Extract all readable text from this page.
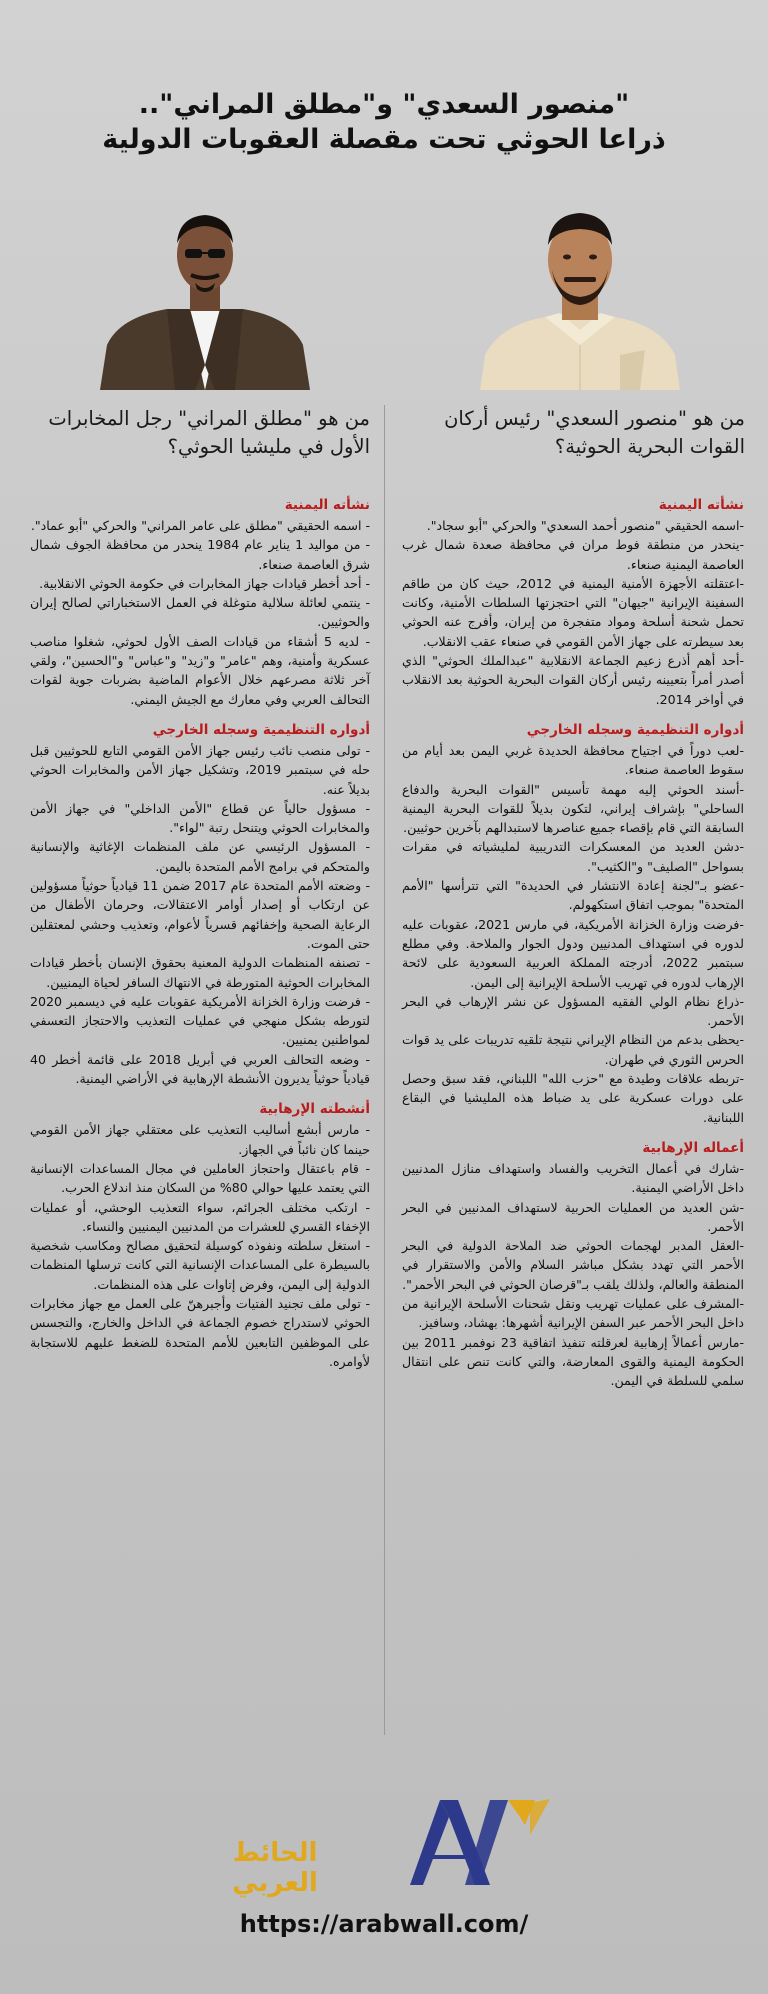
"منصور السعدي" و"مطلق المراني"..
ذراعا الحوثي تحت مقصلة العقوبات الدولية
من هو "منصور السعدي" رئيس أركان القوات البحرية الحوثية؟
من هو "مطلق المراني" رجل المخابرات الأول في مليشيا الحوثي؟
نشأته اليمنية
-اسمه الحقيقي "منصور أحمد السعدي" والحركي "أبو سجاد".
-ينحدر من منطقة فوط مران في محافظة صعدة شمال غرب العاصمة اليمنية صنعاء.
-اعتقلته الأجهزة الأمنية اليمنية في 2012، حيث كان من طاقم السفينة الإيرانية "جيهان" التي احتجزتها السلطات الأمنية، وكانت تحمل شحنة أسلحة ومواد متفجرة من إيران، وأفرج عنه الحوثي بعد سيطرته على جهاز الأمن القومي في صنعاء عقب الانقلاب.
-أحد أهم أذرع زعيم الجماعة الانقلابية "عبدالملك الحوثي" الذي أصدر أمراً بتعيينه رئيس أركان القوات البحرية الحوثية بعد الانقلاب في أواخر 2014.
أدواره التنظيمية وسجله الخارجي
-لعب دوراً في اجتياح محافظة الحديدة غربي اليمن بعد أيام من سقوط العاصمة صنعاء.
-أسند الحوثي إليه مهمة تأسيس "القوات البحرية والدفاع الساحلي" بإشراف إيراني، لتكون بديلاً للقوات البحرية اليمنية السابقة التي قام بإقصاء جميع عناصرها لاستبدالهم بآخرين حوثيين.
-دشن العديد من المعسكرات التدريبية لمليشياته في مقرات بسواحل "الصليف" و"الكثيب".
-عضو بـ"لجنة إعادة الانتشار في الحديدة" التي تترأسها "الأمم المتحدة" بموجب اتفاق استكهولم.
-فرضت وزارة الخزانة الأمريكية، في مارس 2021، عقوبات عليه لدوره في استهداف المدنيين ودول الجوار والملاحة. وفي مطلع سبتمبر 2022، أدرجته المملكة العربية السعودية على لائحة الإرهاب لدوره في تهريب الأسلحة الإيرانية إلى اليمن.
-ذراع نظام الولي الفقيه المسؤول عن نشر الإرهاب في البحر الأحمر.
-يحظى بدعم من النظام الإيراني نتيجة تلقيه تدريبات على يد قوات الحرس الثوري في طهران.
-تربطه علاقات وطيدة مع "حزب الله" اللبناني، فقد سبق وحصل على دورات عسكرية على يد ضباط هذه المليشيا في البقاع اللبنانية.
أعماله الإرهابية
-شارك في أعمال التخريب والفساد واستهداف منازل المدنيين داخل الأراضي اليمنية.
-شن العديد من العمليات الحربية لاستهداف المدنيين في البحر الأحمر.
-العقل المدبر لهجمات الحوثي ضد الملاحة الدولية في البحر الأحمر التي تهدد بشكل مباشر السلام والأمن والاستقرار في المنطقة والعالم، ولذلك يلقب بـ"قرصان الحوثي في البحر الأحمر".
-المشرف على عمليات تهريب ونقل شحنات الأسلحة الإيرانية من داخل البحر الأحمر عبر السفن الإيرانية أشهرها: بهشاد، وسافيز.
-مارس أعمالاً إرهابية لعرقلته تنفيذ اتفاقية 23 نوفمبر 2011 بين الحكومة اليمنية والقوى المعارضة، والتي كانت تنص على انتقال سلمي للسلطة في اليمن.
نشأته اليمنية
- اسمه الحقيقي "مطلق على عامر المراني" والحركي "أبو عماد".
- من مواليد 1 يناير عام 1984 ينحدر من محافظة الجوف شمال شرق العاصمة صنعاء.
- أحد أخطر قيادات جهاز المخابرات في حكومة الحوثي الانقلابية.
- ينتمي لعائلة سلالية متوغلة في العمل الاستخباراتي لصالح إيران والحوثيين.
- لديه 5 أشقاء من قيادات الصف الأول لحوثي، شغلوا مناصب عسكرية وأمنية، وهم "عامر" و"زيد" و"عباس" و"الحسين"، ولقي آخر ثلاثة مصرعهم خلال الأعوام الماضية بضربات جوية لقوات التحالف العربي وفي معارك مع الجيش اليمني.
أدواره التنظيمية وسجله الخارجي
- تولى منصب نائب رئيس جهاز الأمن القومي التابع للحوثيين قبل حله في سبتمبر 2019، وتشكيل جهاز الأمن والمخابرات الحوثي بديلاً عنه.
- مسؤول حالياً عن قطاع "الأمن الداخلي" في جهاز الأمن والمخابرات الحوثي ويتنحل رتبة "لواء".
- المسؤول الرئيسي عن ملف المنظمات الإغاثية والإنسانية والمتحكم في برامج الأمم المتحدة باليمن.
- وضعته الأمم المتحدة عام 2017 ضمن 11 قيادياً حوثياً مسؤولين عن ارتكاب أو إصدار أوامر الاعتقالات، وحرمان الأطفال من الرعاية الصحية وإخفائهم قسرياً لأعوام، وتعذيب وحشي لمعتقلين حتى الموت.
- تصنفه المنظمات الدولية المعنية بحقوق الإنسان بأخطر قيادات المخابرات الحوثية المتورطة في الانتهاك السافر لحياة اليمنيين.
- فرضت وزارة الخزانة الأمريكية عقوبات عليه في ديسمبر 2020 لتورطه بشكل منهجي في عمليات التعذيب والاحتجاز التعسفي لمواطنين يمنيين.
- وضعه التحالف العربي في أبريل 2018 على قائمة أخطر 40 قيادياً حوثياً يديرون الأنشطة الإرهابية في الأراضي اليمنية.
أنشطته الإرهابية
- مارس أبشع أساليب التعذيب على معتقلي جهاز الأمن القومي حينما كان نائباً في الجهاز.
- قام باعتقال واحتجاز العاملين في مجال المساعدات الإنسانية التي يعتمد عليها حوالي 80% من السكان منذ اندلاع الحرب.
- ارتكب مختلف الجرائم، سواء التعذيب الوحشي، أو عمليات الإخفاء القسري للعشرات من المدنيين اليمنيين والنساء.
- استغل سلطته ونفوذه كوسيلة لتحقيق مصالح ومكاسب شخصية بالسيطرة على المساعدات الإنسانية التي كانت ترسلها المنظمات الدولية إلى اليمن، وفرض إتاوات على هذه المنظمات.
- تولى ملف تجنيد الفتيات وأجبرهنّ على العمل مع جهاز مخابرات الحوثي لاستدراج خصوم الجماعة في الداخل والخارج، والتجسس على الموظفين التابعين للأمم المتحدة للضغط عليهم للاستجابة لأوامره.
الحائط العربي
https://arabwall.com/
